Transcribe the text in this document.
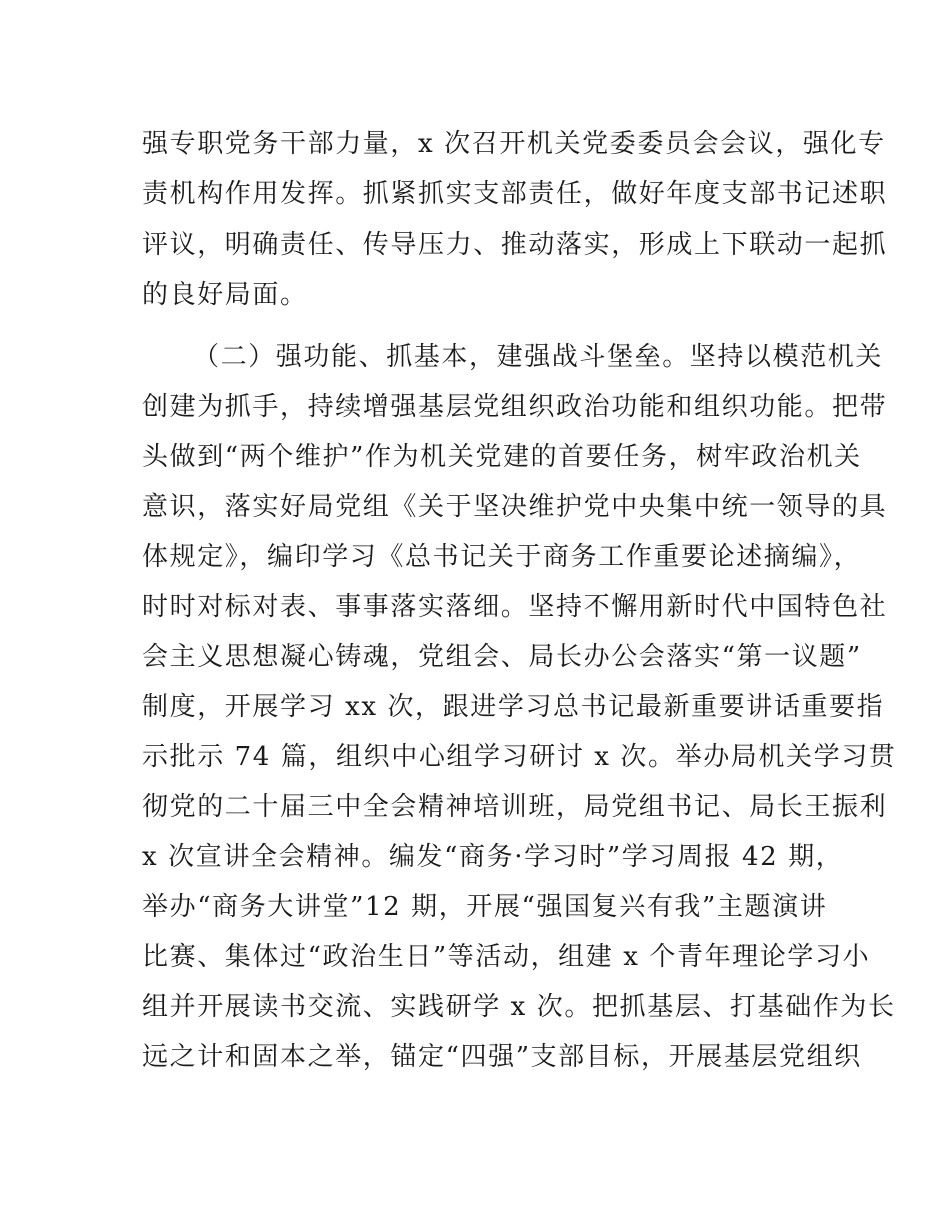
强专职党务干部力量，x 次召开机关党委委员会会议，强化专
责机构作用发挥。抓紧抓实支部责任，做好年度支部书记述职
评议，明确责任、传导压力、推动落实，形成上下联动一起抓
的良好局面。
（二）强功能、抓基本，建强战斗堡垒。坚持以模范机关
创建为抓手，持续增强基层党组织政治功能和组织功能。把带
头做到“两个维护”作为机关党建的首要任务，树牢政治机关
意识，落实好局党组《关于坚决维护党中央集中统一领导的具
体规定》，编印学习《总书记关于商务工作重要论述摘编》，
时时对标对表、事事落实落细。坚持不懈用新时代中国特色社
会主义思想凝心铸魂，党组会、局长办公会落实“第一议题”
制度，开展学习 xx 次，跟进学习总书记最新重要讲话重要指
示批示 74 篇，组织中心组学习研讨 x 次。举办局机关学习贯
彻党的二十届三中全会精神培训班，局党组书记、局长王振利
x 次宣讲全会精神。编发“商务·学习时”学习周报 42 期，
举办“商务大讲堂”12 期，开展“强国复兴有我”主题演讲
比赛、集体过“政治生日”等活动，组建 x 个青年理论学习小
组并开展读书交流、实践研学 x 次。把抓基层、打基础作为长
远之计和固本之举，锚定“四强”支部目标，开展基层党组织
